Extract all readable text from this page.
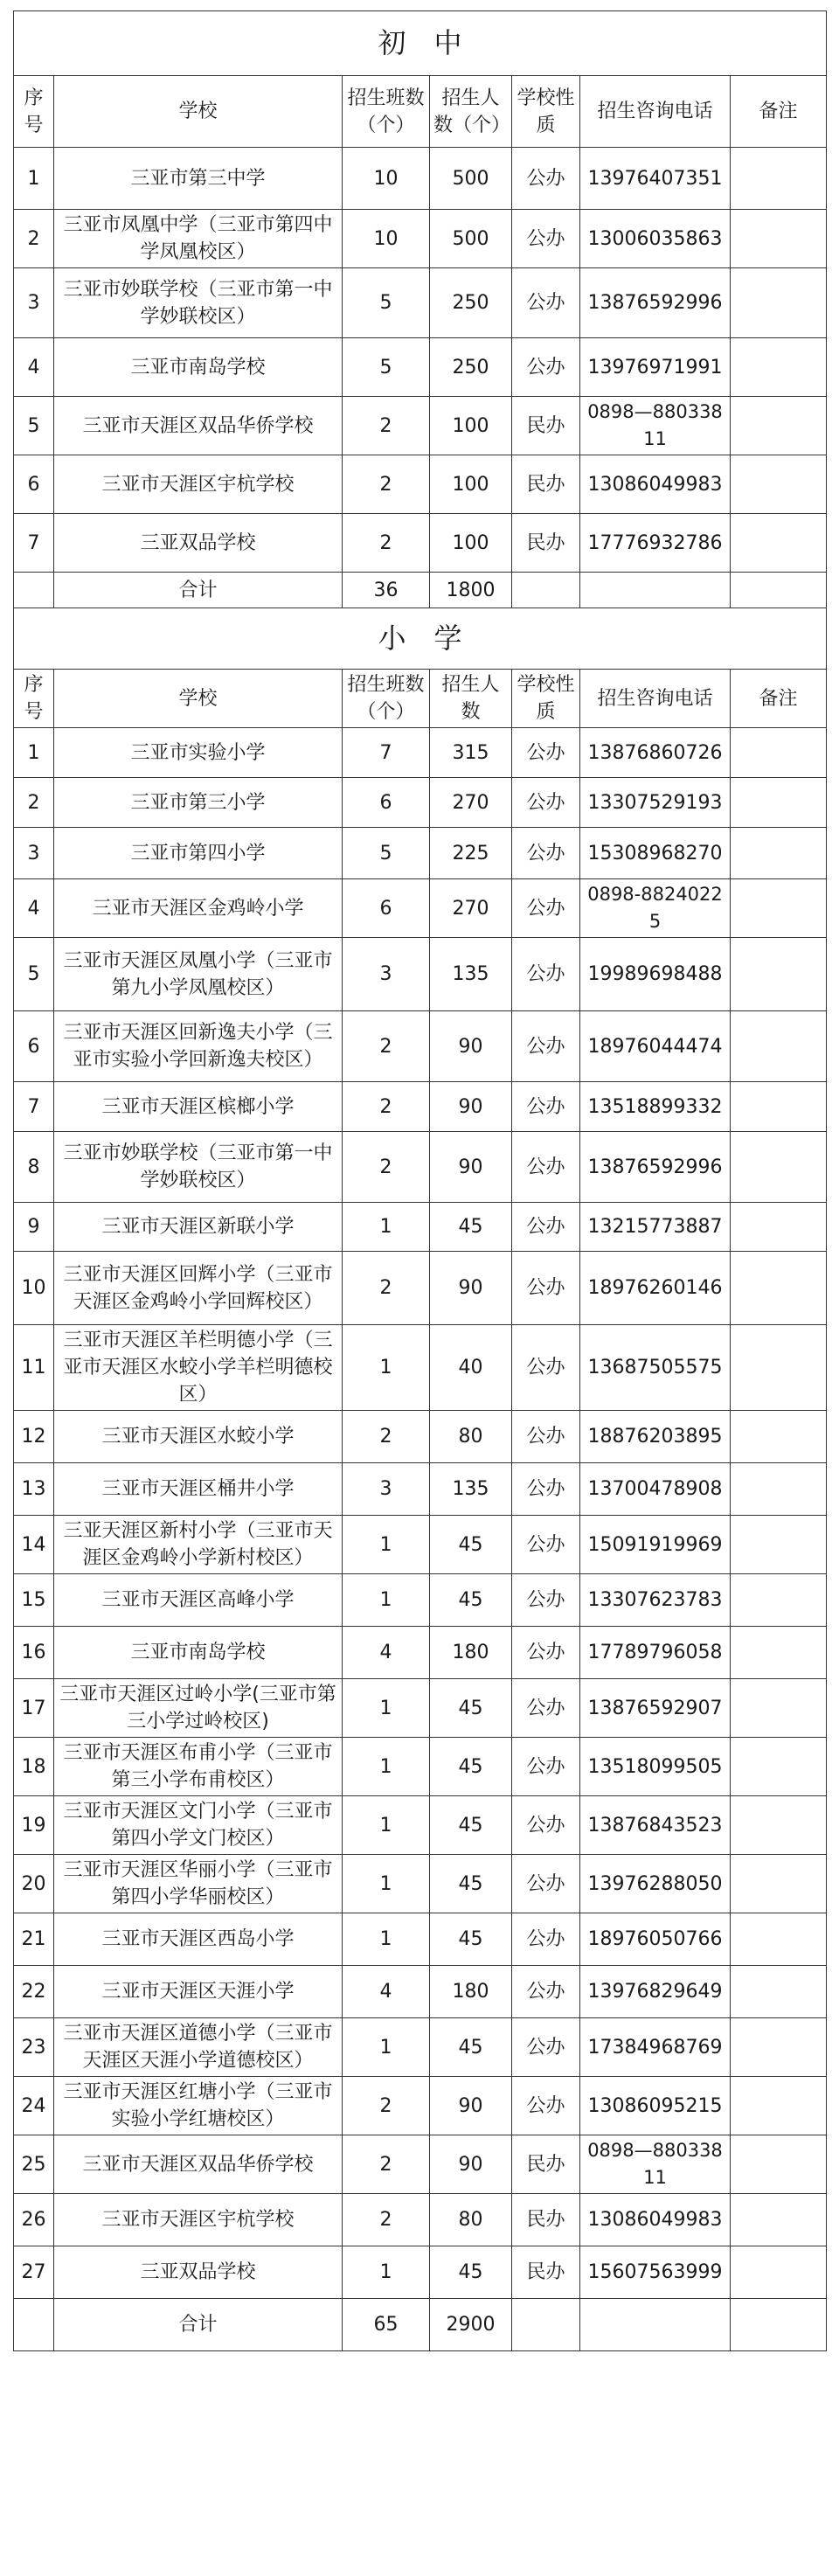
初　中						
序号	学校	招生班数（个）	招生人数（个）	学校性质	招生咨询电话	备注
1	三亚市第三中学	10	500	公办	13976407351	
2	三亚市凤凰中学（三亚市第四中学凤凰校区）	10	500	公办	13006035863	
3	三亚市妙联学校（三亚市第一中学妙联校区）	5	250	公办	13876592996	
4	三亚市南岛学校	5	250	公办	13976971991	
5	三亚市天涯区双品华侨学校	2	100	民办	0898—88033811	
6	三亚市天涯区宇杭学校	2	100	民办	13086049983	
7	三亚双品学校	2	100	民办	17776932786	
	合计	36	1800			
小　学						
序号	学校	招生班数（个）	招生人数	学校性质	招生咨询电话	备注
1	三亚市实验小学	7	315	公办	13876860726	
2	三亚市第三小学	6	270	公办	13307529193	
3	三亚市第四小学	5	225	公办	15308968270	
4	三亚市天涯区金鸡岭小学	6	270	公办	0898-88240225	
5	三亚市天涯区凤凰小学（三亚市第九小学凤凰校区）	3	135	公办	19989698488	
6	三亚市天涯区回新逸夫小学（三亚市实验小学回新逸夫校区）	2	90	公办	18976044474	
7	三亚市天涯区槟榔小学	2	90	公办	13518899332	
8	三亚市妙联学校（三亚市第一中学妙联校区）	2	90	公办	13876592996	
9	三亚市天涯区新联小学	1	45	公办	13215773887	
10	三亚市天涯区回辉小学（三亚市天涯区金鸡岭小学回辉校区）	2	90	公办	18976260146	
11	三亚市天涯区羊栏明德小学（三亚市天涯区水蛟小学羊栏明德校区）	1	40	公办	13687505575	
12	三亚市天涯区水蛟小学	2	80	公办	18876203895	
13	三亚市天涯区桶井小学	3	135	公办	13700478908	
14	三亚天涯区新村小学（三亚市天涯区金鸡岭小学新村校区）	1	45	公办	15091919969	
15	三亚市天涯区高峰小学	1	45	公办	13307623783	
16	三亚市南岛学校	4	180	公办	17789796058	
17	三亚市天涯区过岭小学(三亚市第三小学过岭校区)	1	45	公办	13876592907	
18	三亚市天涯区布甫小学（三亚市第三小学布甫校区）	1	45	公办	13518099505	
19	三亚市天涯区文门小学（三亚市第四小学文门校区）	1	45	公办	13876843523	
20	三亚市天涯区华丽小学（三亚市第四小学华丽校区）	1	45	公办	13976288050	
21	三亚市天涯区西岛小学	1	45	公办	18976050766	
22	三亚市天涯区天涯小学	4	180	公办	13976829649	
23	三亚市天涯区道德小学（三亚市天涯区天涯小学道德校区）	1	45	公办	17384968769	
24	三亚市天涯区红塘小学（三亚市实验小学红塘校区）	2	90	公办	13086095215	
25	三亚市天涯区双品华侨学校	2	90	民办	0898—88033811	
26	三亚市天涯区宇杭学校	2	80	民办	13086049983	
27	三亚双品学校	1	45	民办	15607563999	
	合计	65	2900			
